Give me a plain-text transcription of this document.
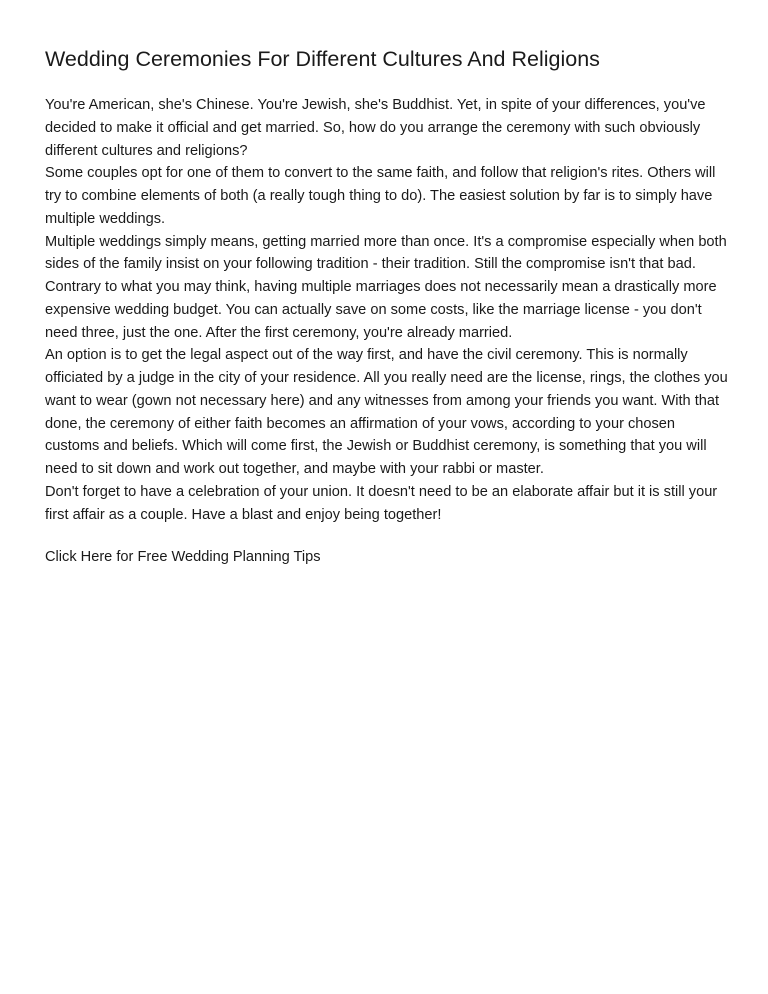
Wedding Ceremonies For Different Cultures And Religions

You're American, she's Chinese. You're Jewish, she's Buddhist. Yet, in spite of your differences, you've decided to make it official and get married. So, how do you arrange the ceremony with such obviously different cultures and religions?

Some couples opt for one of them to convert to the same faith, and follow that religion's rites. Others will try to combine elements of both (a really tough thing to do). The easiest solution by far is to simply have multiple weddings.

Multiple weddings simply means, getting married more than once. It's a compromise especially when both sides of the family insist on your following tradition - their tradition. Still the compromise isn't that bad.

Contrary to what you may think, having multiple marriages does not necessarily mean a drastically more expensive wedding budget. You can actually save on some costs, like the marriage license - you don't need three, just the one. After the first ceremony, you're already married.

An option is to get the legal aspect out of the way first, and have the civil ceremony. This is normally officiated by a judge in the city of your residence. All you really need are the license, rings, the clothes you want to wear (gown not necessary here) and any witnesses from among your friends you want. With that done, the ceremony of either faith becomes an affirmation of your vows, according to your chosen customs and beliefs. Which will come first, the Jewish or Buddhist ceremony, is something that you will need to sit down and work out together, and maybe with your rabbi or master.

Don't forget to have a celebration of your union. It doesn't need to be an elaborate affair but it is still your first affair as a couple. Have a blast and enjoy being together!

Click Here for Free Wedding Planning Tips
